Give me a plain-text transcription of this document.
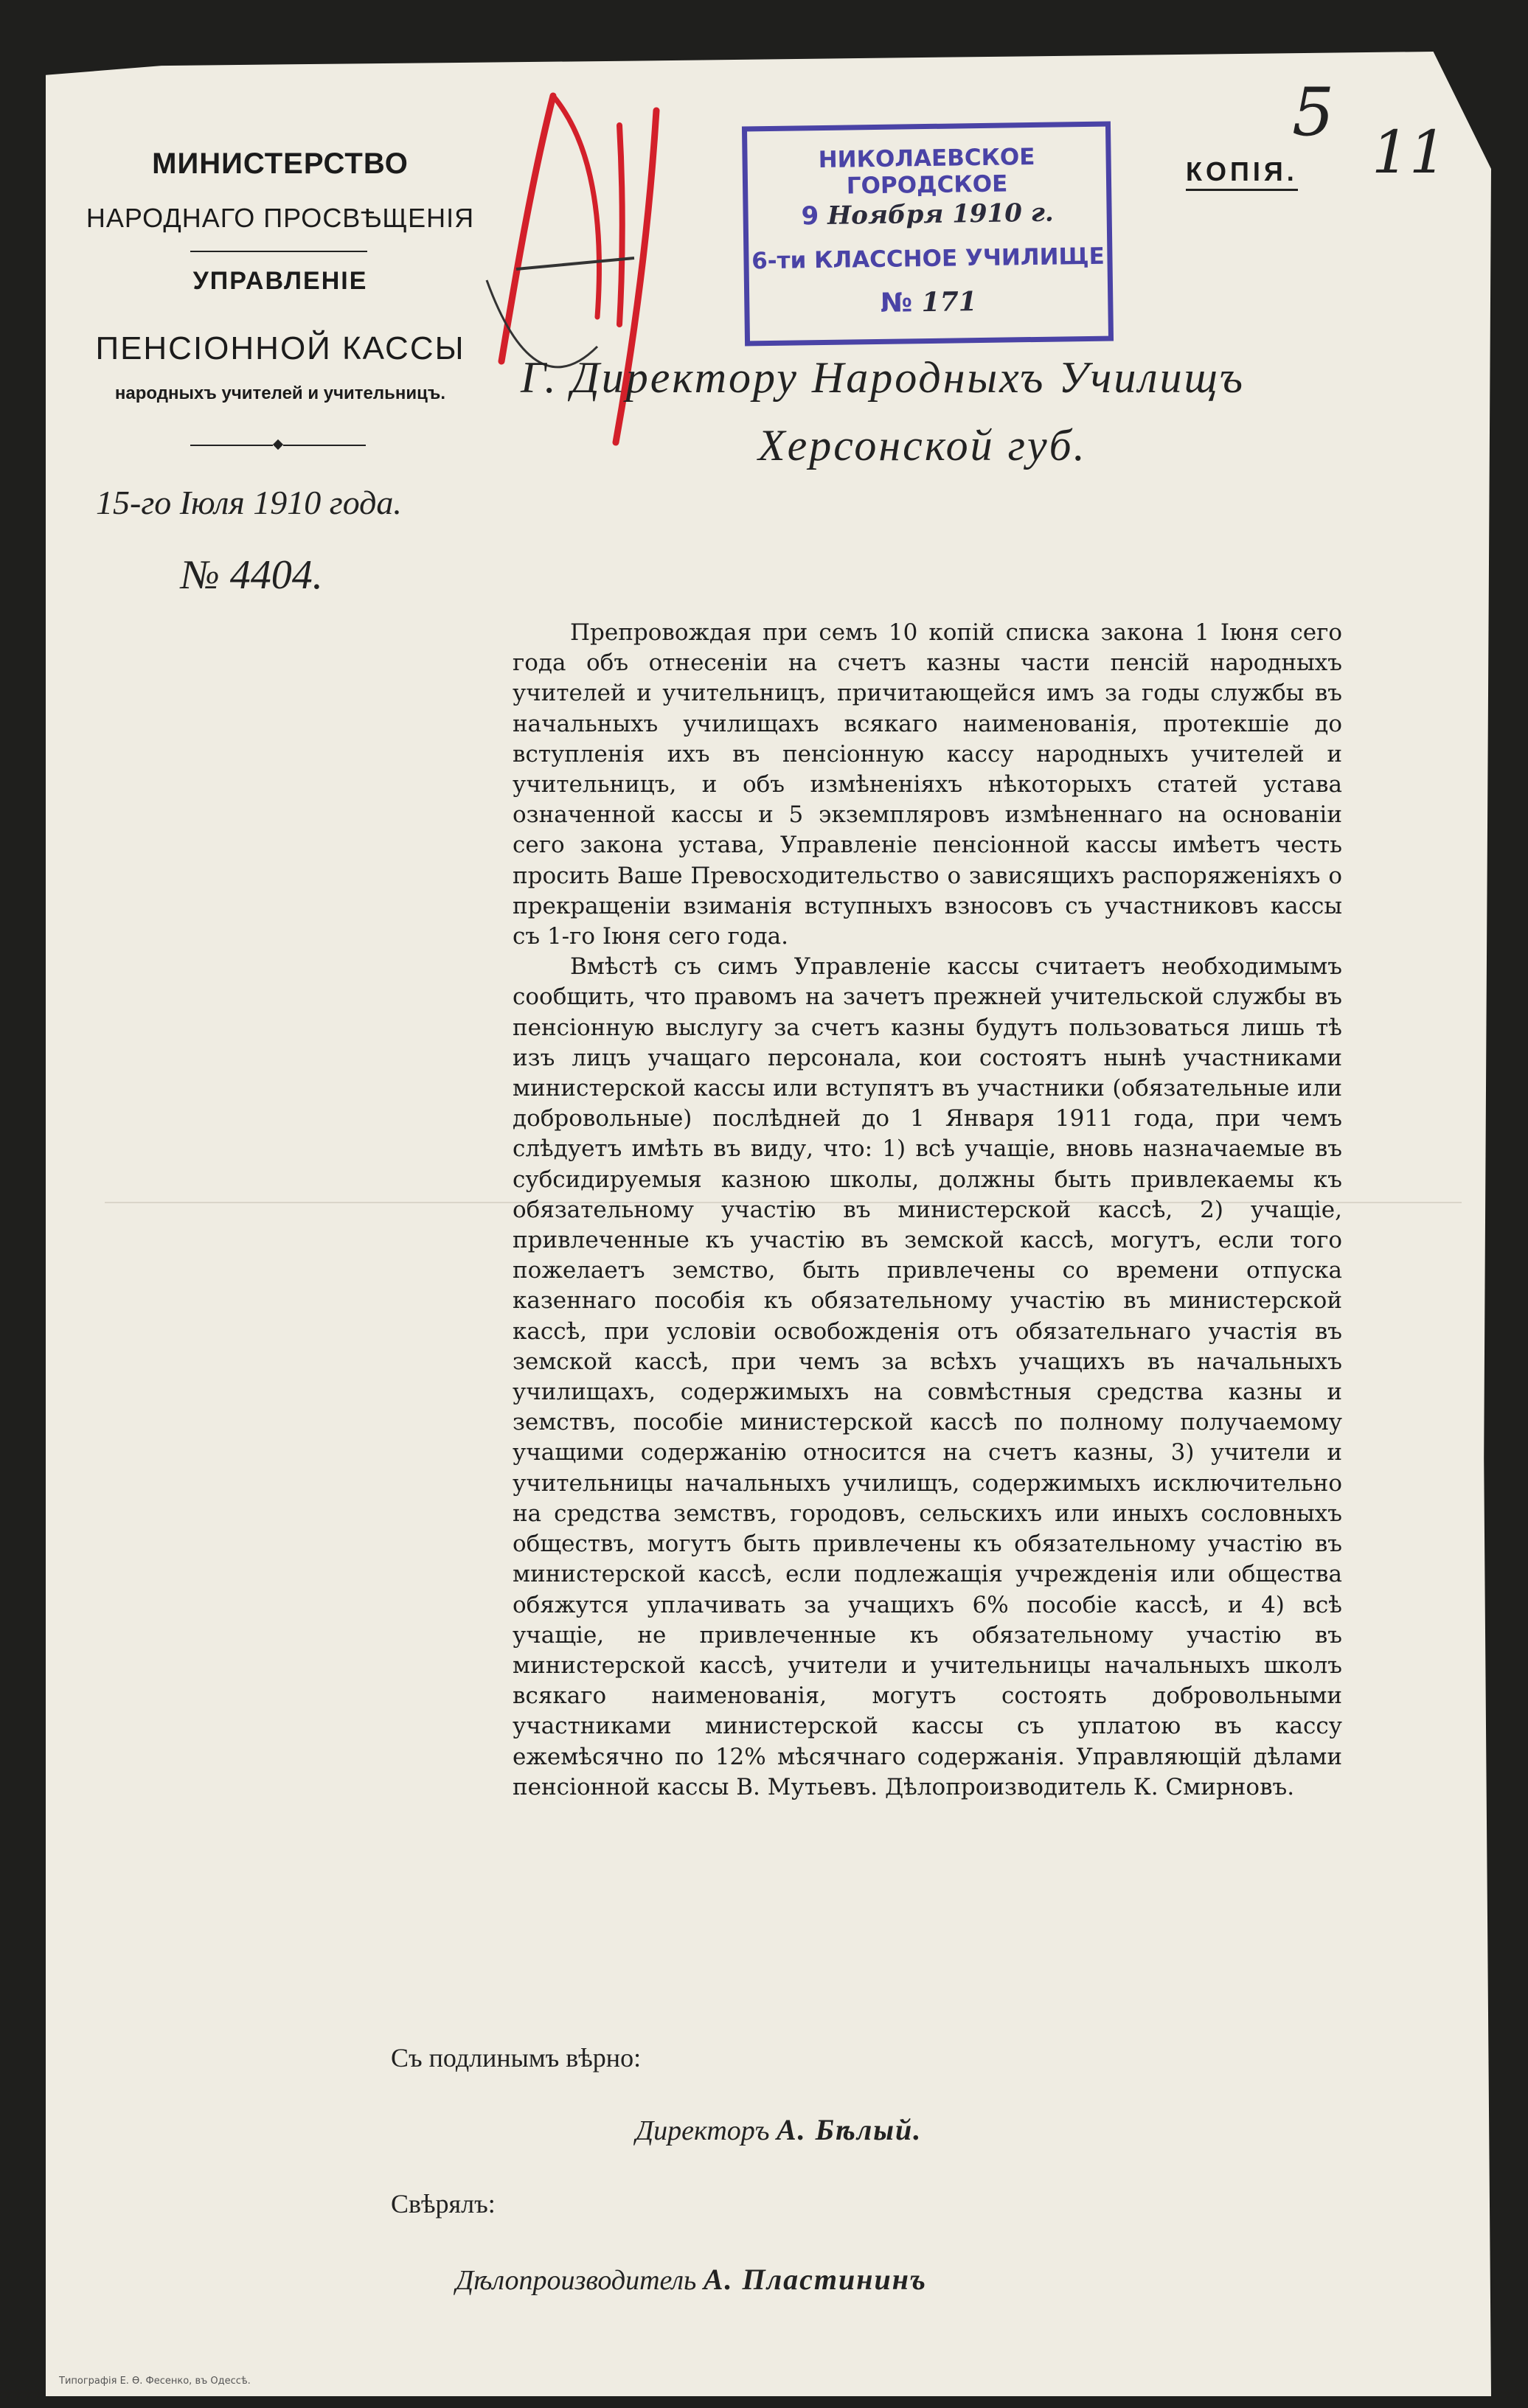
МИНИСТЕРСТВО
НАРОДНАГО ПРОСВѢЩЕНІЯ
УПРАВЛЕНІЕ
ПЕНСІОННОЙ КАССЫ
народныхъ учителей и учительницъ.
15-го Іюля 1910 года.
№ 4404.
НИКОЛАЕВСКОЕ ГОРОДСКОЕ
9 Ноября 1910 г.
6-ти КЛАССНОЕ УЧИЛИЩЕ
№ 171
КОПІЯ.
5
11
Г. Директору Народныхъ Училищъ
Херсонской губ.

Препровождая при семъ 10 копій списка закона 1 Іюня сего года объ отнесеніи на счетъ казны части пенсій народныхъ учителей и учительницъ, причитающейся имъ за годы службы въ начальныхъ училищахъ всякаго наименованія, протекшіе до вступленія ихъ въ пенсіонную кассу народныхъ учителей и учительницъ, и объ измѣненіяхъ нѣкоторыхъ статей устава означенной кассы и 5 экземпляровъ измѣненнаго на основаніи сего закона устава, Управленіе пенсіонной кассы имѣетъ честь просить Ваше Превосходительство о зависящихъ распоряженіяхъ о прекращеніи взиманія вступныхъ взносовъ съ участниковъ кассы съ 1-го Іюня сего года.

Вмѣстѣ съ симъ Управленіе кассы считаетъ необходимымъ сообщить, что правомъ на зачетъ прежней учительской службы въ пенсіонную выслугу за счетъ казны будутъ пользоваться лишь тѣ изъ лицъ учащаго персонала, кои состоятъ нынѣ участниками министерской кассы или вступятъ въ участники (обязательные или добровольные) послѣдней до 1 Января 1911 года, при чемъ слѣдуетъ имѣть въ виду, что: 1) всѣ учащіе, вновь назначаемые въ субсидируемыя казною школы, должны быть привлекаемы къ обязательному участію въ министерской кассѣ, 2) учащіе, привлеченные къ участію въ земской кассѣ, могутъ, если того пожелаетъ земство, быть привлечены со времени отпуска казеннаго пособія къ обязательному участію въ министерской кассѣ, при условіи освобожденія отъ обязательнаго участія въ земской кассѣ, при чемъ за всѣхъ учащихъ въ начальныхъ училищахъ, содержимыхъ на совмѣстныя средства казны и земствъ, пособіе министерской кассѣ по полному получаемому учащими содержанію относится на счетъ казны, 3) учители и учительницы начальныхъ училищъ, содержимыхъ исключительно на средства земствъ, городовъ, сельскихъ или иныхъ сословныхъ обществъ, могутъ быть привлечены къ обязательному участію въ министерской кассѣ, если подлежащія учрежденія или общества обяжутся уплачивать за учащихъ 6% пособіе кассѣ, и 4) всѣ учащіе, не привлеченные къ обязательному участію въ министерской кассѣ, учители и учительницы начальныхъ школъ всякаго наименованія, могутъ состоять добровольными участниками министерской кассы съ уплатою въ кассу ежемѣсячно по 12% мѣсячнаго содержанія. Управляющій дѣлами пенсіонной кассы В. Мутьевъ. Дѣлопроизводитель К. Смирновъ.

Съ подлинымъ вѣрно:
Директоръ А. Бѣлый.
Свѣрялъ:
Дѣлопроизводитель А. Пластининъ
Типографія Е. Ѳ. Фесенко, въ Одессѣ.
